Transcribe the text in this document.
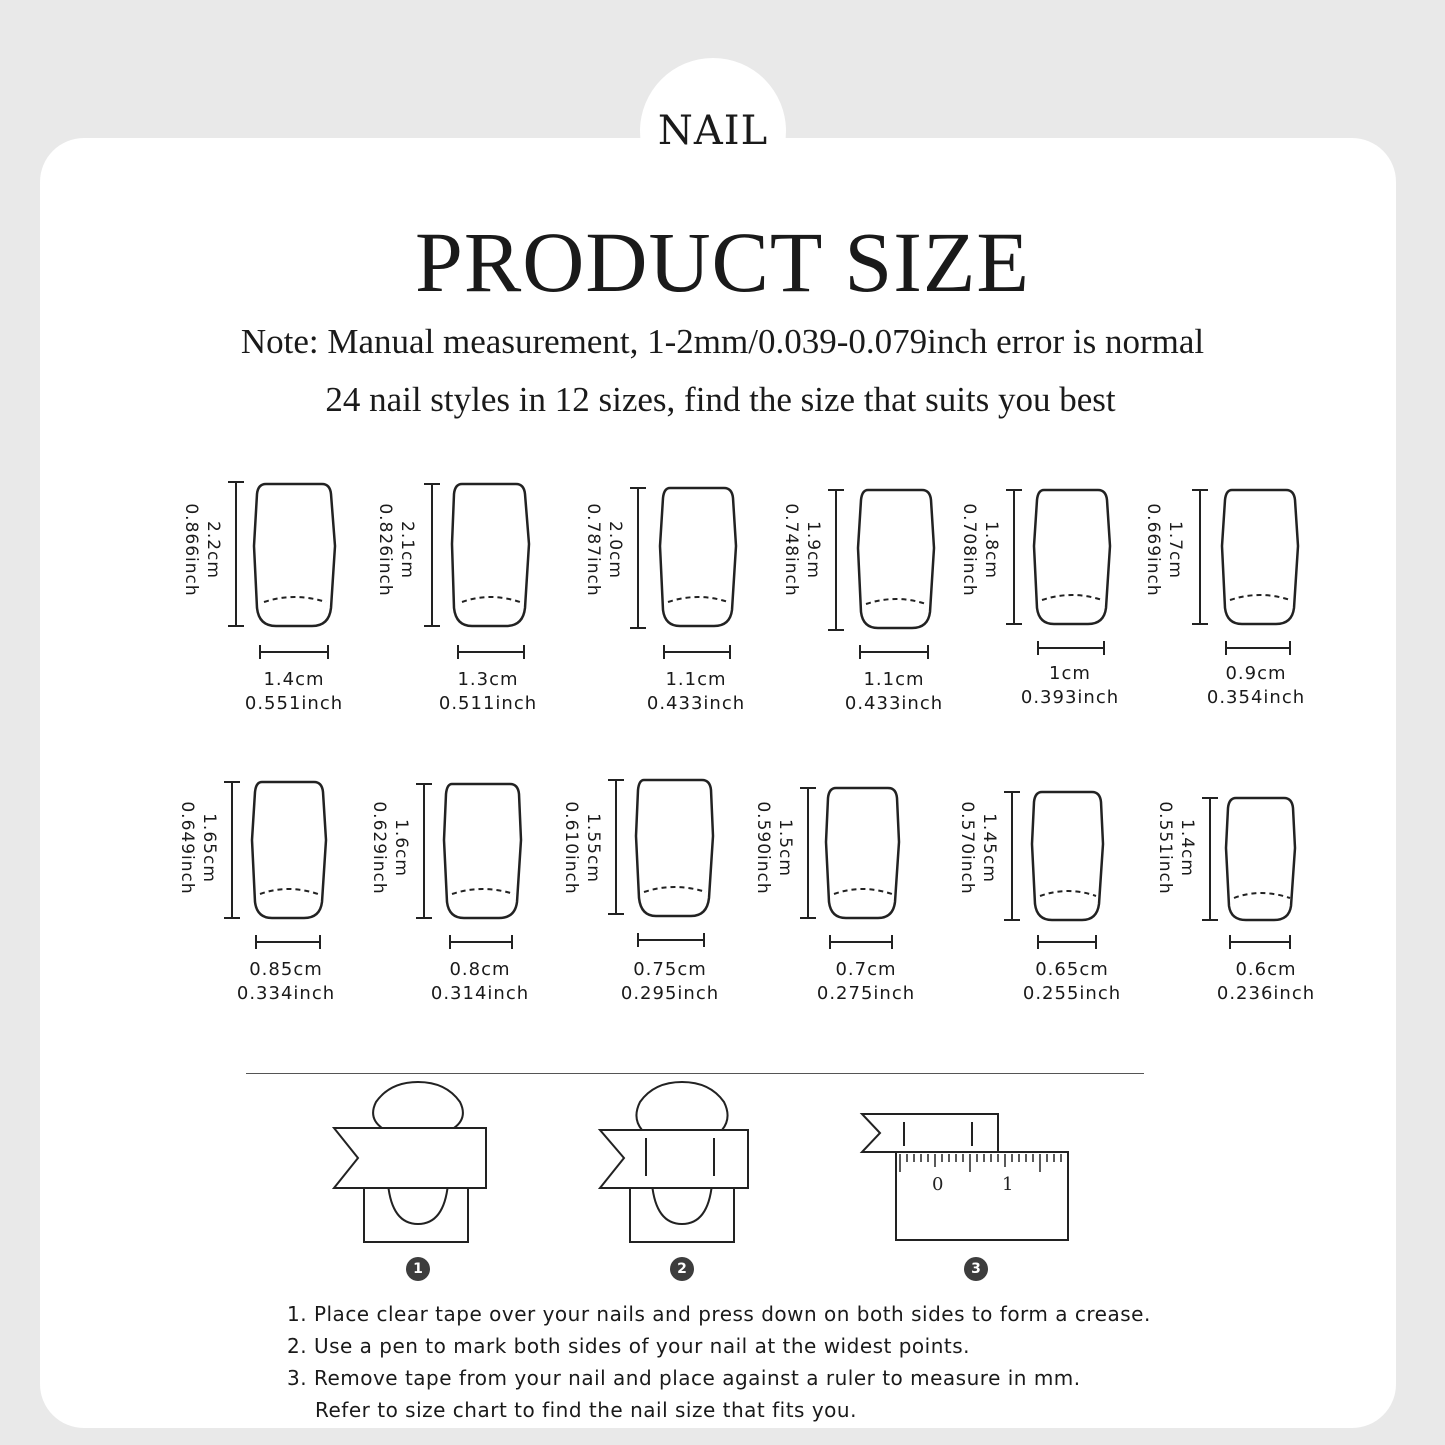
NAIL
PRODUCT SIZE
Note: Manual measurement, 1-2mm/0.039-0.079inch error is normal
24 nail styles in 12 sizes, find the size that suits you best
2.2cm
0.866inch
1.4cm
0.551inch
2.1cm
0.826inch
1.3cm
0.511inch
2.0cm
0.787inch
1.1cm
0.433inch
1.9cm
0.748inch
1.1cm
0.433inch
1.8cm
0.708inch
1cm
0.393inch
1.7cm
0.669inch
0.9cm
0.354inch
1.65cm
0.649inch
0.85cm
0.334inch
1.6cm
0.629inch
0.8cm
0.314inch
1.55cm
0.610inch
0.75cm
0.295inch
1.5cm
0.590inch
0.7cm
0.275inch
1.45cm
0.570inch
0.65cm
0.255inch
1.4cm
0.551inch
0.6cm
0.236inch
0	1
1	2	3
1. Place clear tape over your nails and press down on both sides to form a crease.
2. Use a pen to mark both sides of your nail at the widest points.
3. Remove tape from your nail and place against a ruler to measure in mm.
Refer to size chart to find the nail size that fits you.
